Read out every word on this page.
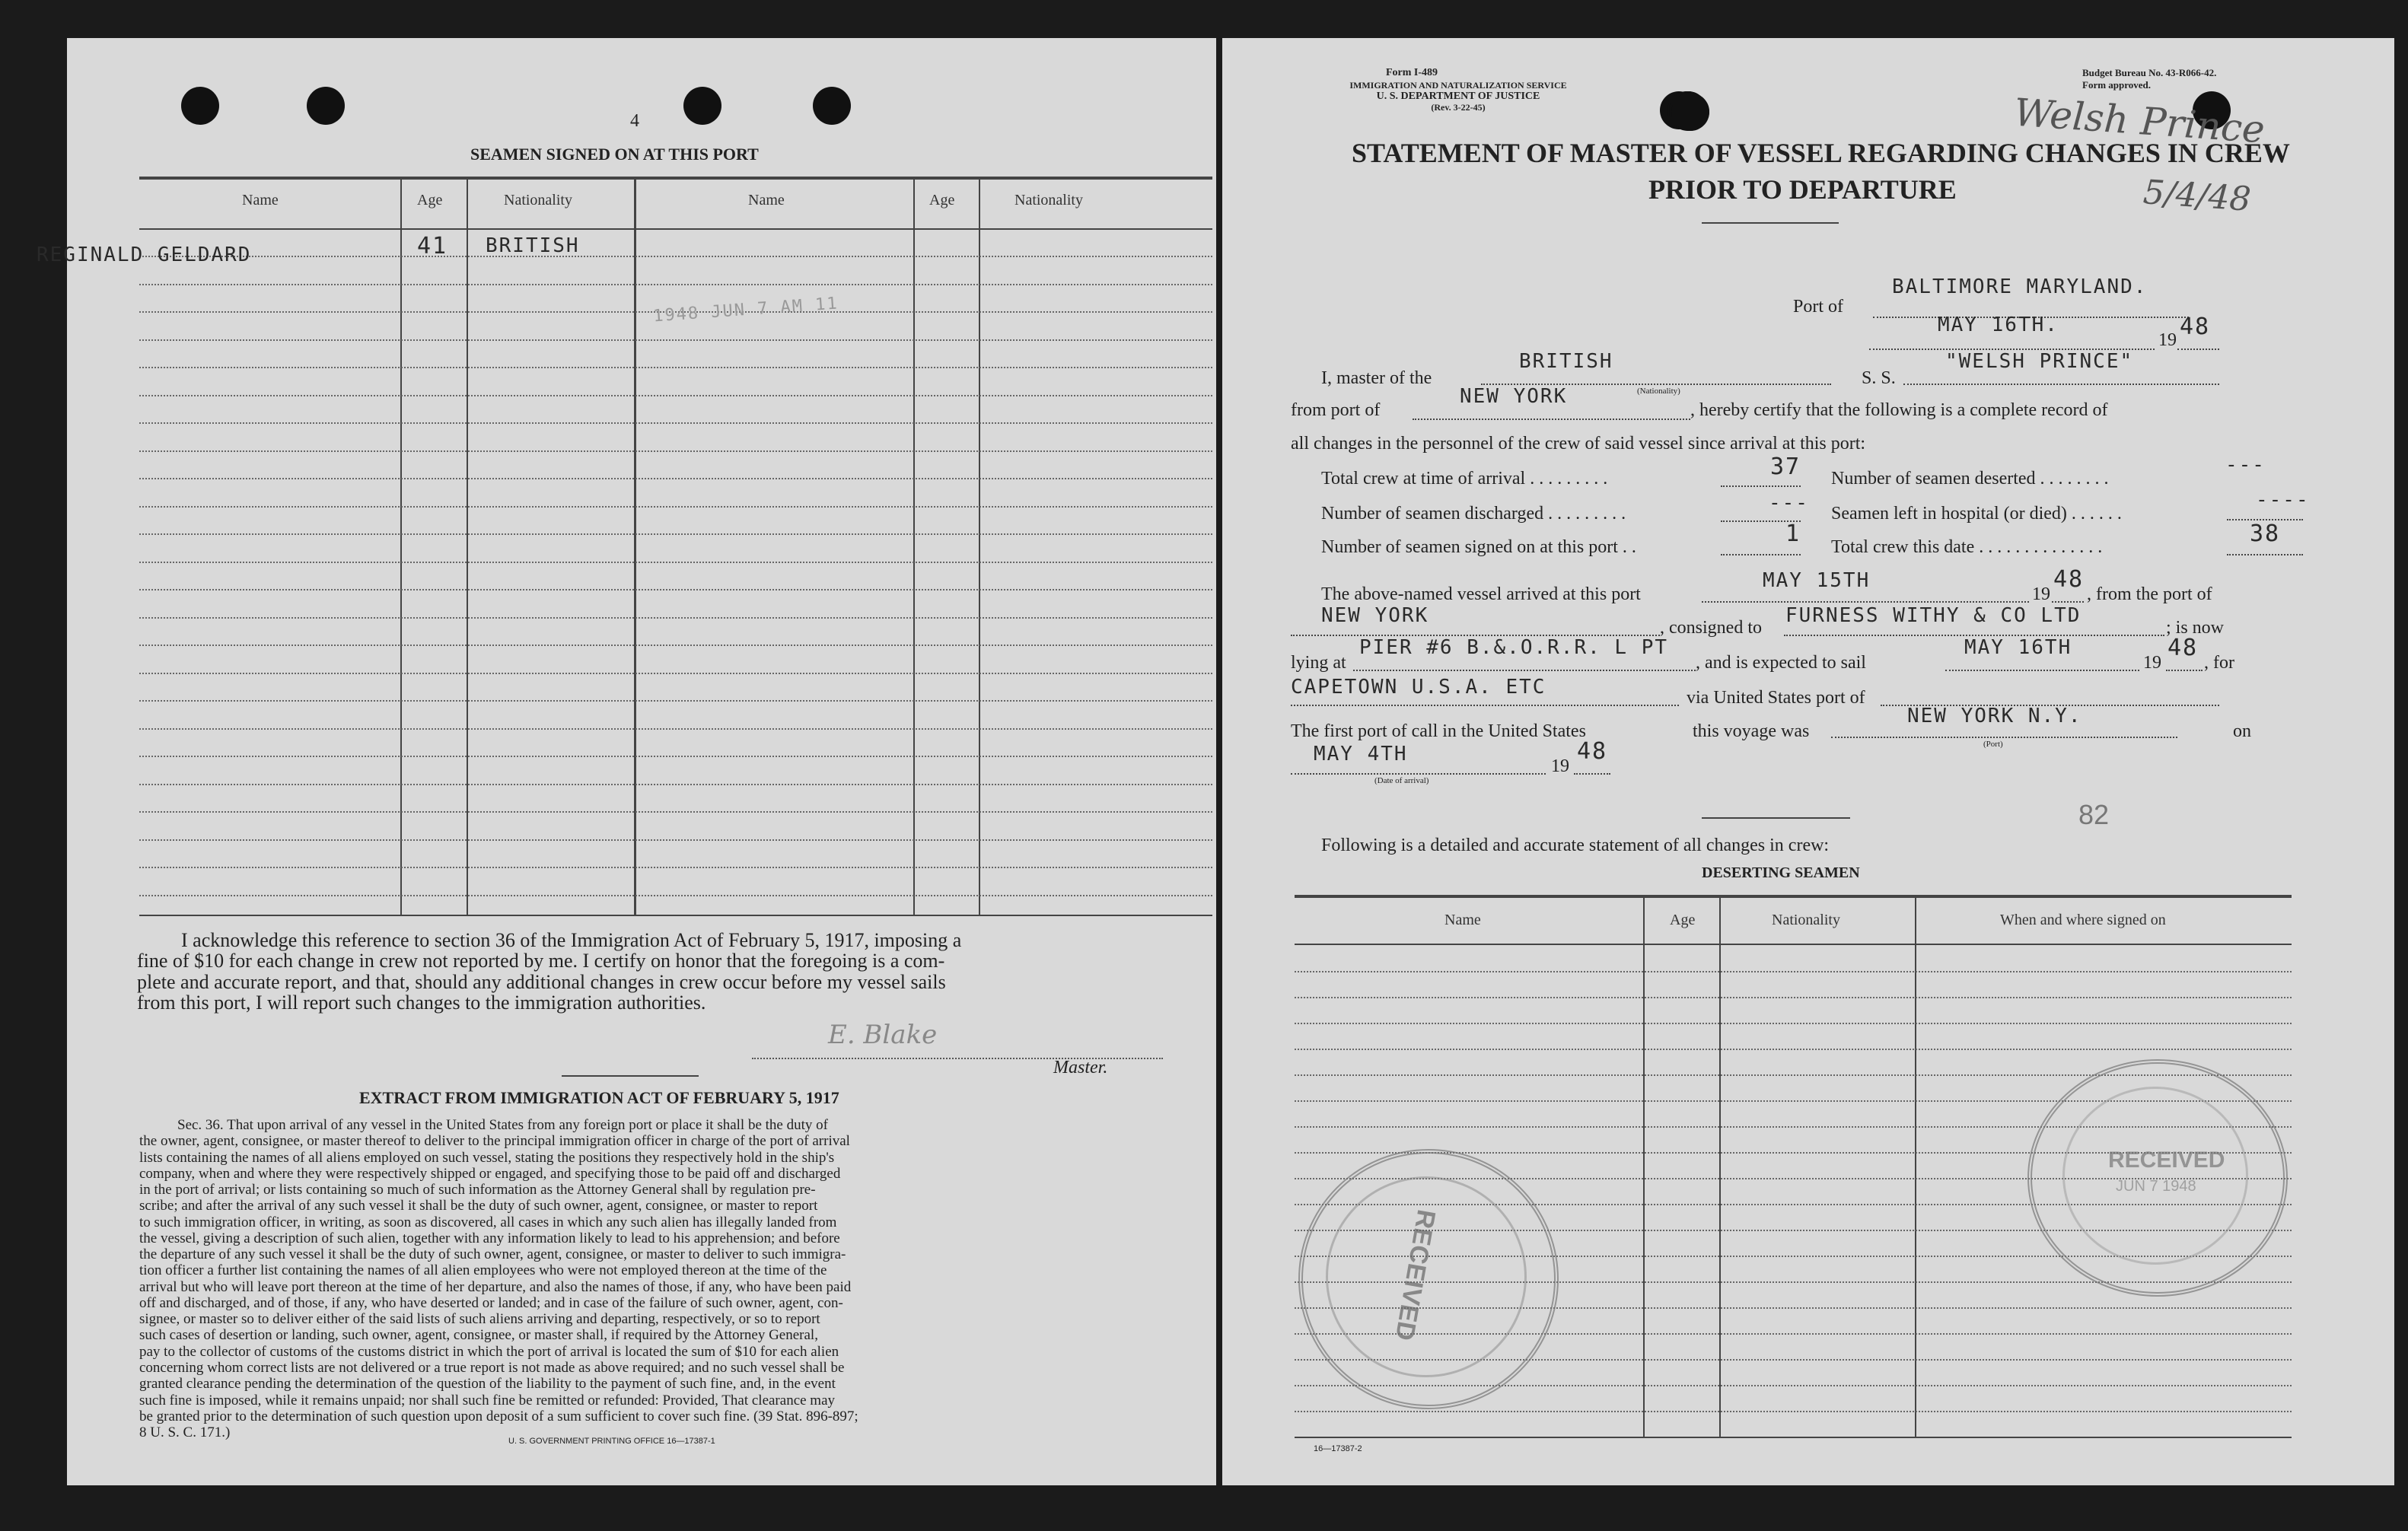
4
SEAMEN SIGNED ON AT THIS PORT
Name	Age	Nationality	Name	Age	Nationality
REGINALD GELDARD	41 BRITISH
1948 JUN 7 AM 11
I acknowledge this reference to section 36 of the Immigration Act of February 5, 1917, imposing a
fine of $10 for each change in crew not reported by me. I certify on honor that the foregoing is a com-
plete and accurate report, and that, should any additional changes in crew occur before my vessel sails
from this port, I will report such changes to the immigration authorities.
E. Blake
Master.
EXTRACT FROM IMMIGRATION ACT OF FEBRUARY 5, 1917
Sec. 36. That upon arrival of any vessel in the United States from any foreign port or place it shall be the duty of
the owner, agent, consignee, or master thereof to deliver to the principal immigration officer in charge of the port of arrival
lists containing the names of all aliens employed on such vessel, stating the positions they respectively hold in the ship's
company, when and where they were respectively shipped or engaged, and specifying those to be paid off and discharged
in the port of arrival; or lists containing so much of such information as the Attorney General shall by regulation pre-
scribe; and after the arrival of any such vessel it shall be the duty of such owner, agent, consignee, or master to report
to such immigration officer, in writing, as soon as discovered, all cases in which any such alien has illegally landed from
the vessel, giving a description of such alien, together with any information likely to lead to his apprehension; and before
the departure of any such vessel it shall be the duty of such owner, agent, consignee, or master to deliver to such immigra-
tion officer a further list containing the names of all alien employees who were not employed thereon at the time of the
arrival but who will leave port thereon at the time of her departure, and also the names of those, if any, who have been paid
off and discharged, and of those, if any, who have deserted or landed; and in case of the failure of such owner, agent, con-
signee, or master so to deliver either of the said lists of such aliens arriving and departing, respectively, or so to report
such cases of desertion or landing, such owner, agent, consignee, or master shall, if required by the Attorney General,
pay to the collector of customs of the customs district in which the port of arrival is located the sum of $10 for each alien
concerning whom correct lists are not delivered or a true report is not made as above required; and no such vessel shall be
granted clearance pending the determination of the question of the liability to the payment of such fine, and, in the event
such fine is imposed, while it remains unpaid; nor shall such fine be remitted or refunded: Provided, That clearance may
be granted prior to the determination of such question upon deposit of a sum sufficient to cover such fine. (39 Stat. 896-897;
8 U. S. C. 171.)
U. S. GOVERNMENT PRINTING OFFICE 16—17387-1
Form I-489
IMMIGRATION AND NATURALIZATION SERVICE
U. S. DEPARTMENT OF JUSTICE
(Rev. 3-22-45)
Budget Bureau No. 43-R066-42.
Form approved.
Welsh Prince
5/4/48
STATEMENT OF MASTER OF VESSEL REGARDING CHANGES IN CREW
PRIOR TO DEPARTURE
Port of
BALTIMORE MARYLAND.
MAY 16TH.
19 48
I, master of the
BRITISH
(Nationality)
S. S.
"WELSH PRINCE"
from port of
NEW YORK
, hereby certify that the following is a complete record of
all changes in the personnel of the crew of said vessel since arrival at this port:
Total crew at time of arrival . . . . . . . . .	37
Number of seamen discharged . . . . . . . . .	---
Number of seamen signed on at this port . .	1
Number of seamen deserted . . . . . . . .
---
Seamen left in hospital (or died) . . . . . .
----
Total crew this date . . . . . . . . . . . . . .	38
The above-named vessel arrived at this port
MAY 15TH
19
48
, from the port of
NEW YORK
, consigned to
FURNESS WITHY & CO LTD
; is now
lying at
PIER #6 B.&.O.R.R. L PT
, and is expected to sail
MAY 16TH
19
48
, for
CAPETOWN U.S.A. ETC	via United States port of
The first port of call in the United States	this voyage was
NEW YORK N.Y.
(Port)
on
MAY 4TH
19
48
(Date of arrival)
82
Following is a detailed and accurate statement of all changes in crew:
DESERTING SEAMEN
Name	Age	Nationality	When and where signed on
RECEIVED
RECEIVED
JUN 7 1948
16—17387-2
